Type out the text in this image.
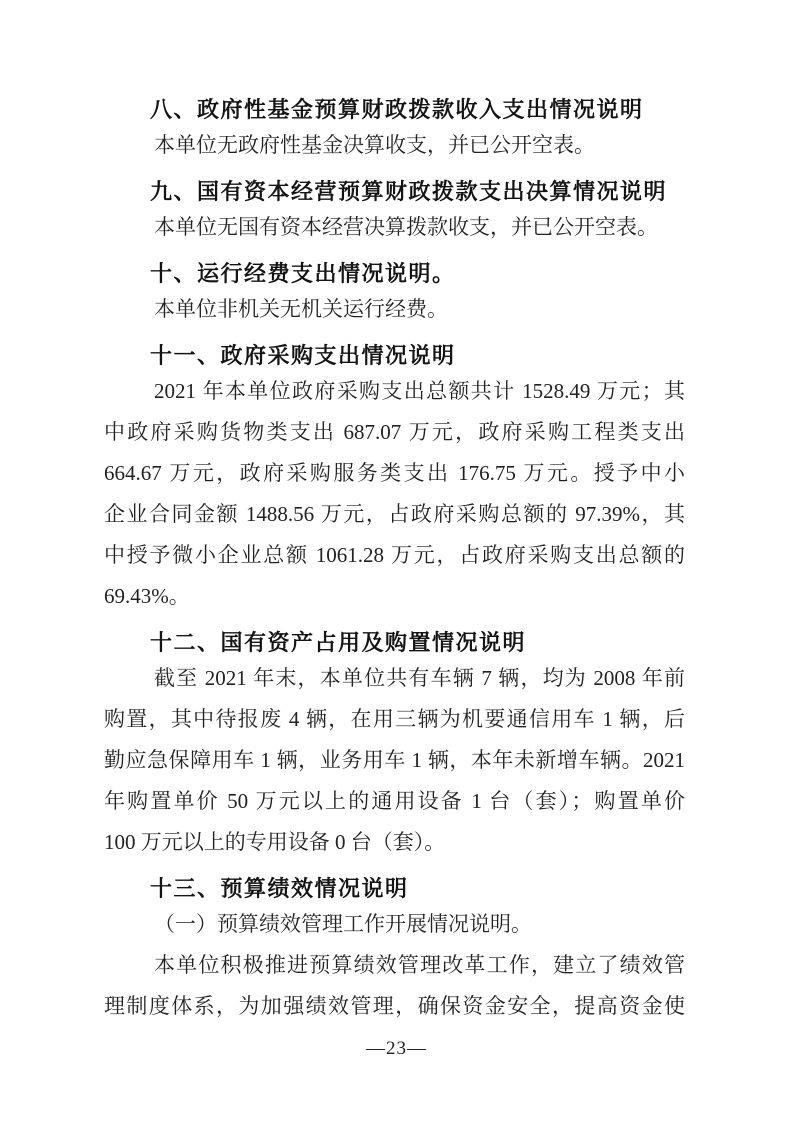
八、政府性基金预算财政拨款收入支出情况说明
本单位无政府性基金决算收支，并已公开空表。
九、国有资本经营预算财政拨款支出决算情况说明
本单位无国有资本经营决算拨款收支，并已公开空表。
十、运行经费支出情况说明。
本单位非机关无机关运行经费。
十一、政府采购支出情况说明
2021 年本单位政府采购支出总额共计 1528.49 万元；其
中政府采购货物类支出 687.07 万元，政府采购工程类支出
664.67 万元，政府采购服务类支出 176.75 万元。授予中小
企业合同金额 1488.56 万元，占政府采购总额的 97.39%，其
中授予微小企业总额 1061.28 万元，占政府采购支出总额的
69.43%。
十二、国有资产占用及购置情况说明
截至 2021 年末，本单位共有车辆 7 辆，均为 2008 年前
购置，其中待报废 4 辆，在用三辆为机要通信用车 1 辆，后
勤应急保障用车 1 辆，业务用车 1 辆，本年未新增车辆。2021
年购置单价 50 万元以上的通用设备 1 台（套）；购置单价
100 万元以上的专用设备 0 台（套）。
十三、预算绩效情况说明
（一）预算绩效管理工作开展情况说明。
本单位积极推进预算绩效管理改革工作，建立了绩效管
理制度体系，为加强绩效管理，确保资金安全，提高资金使
—23—
